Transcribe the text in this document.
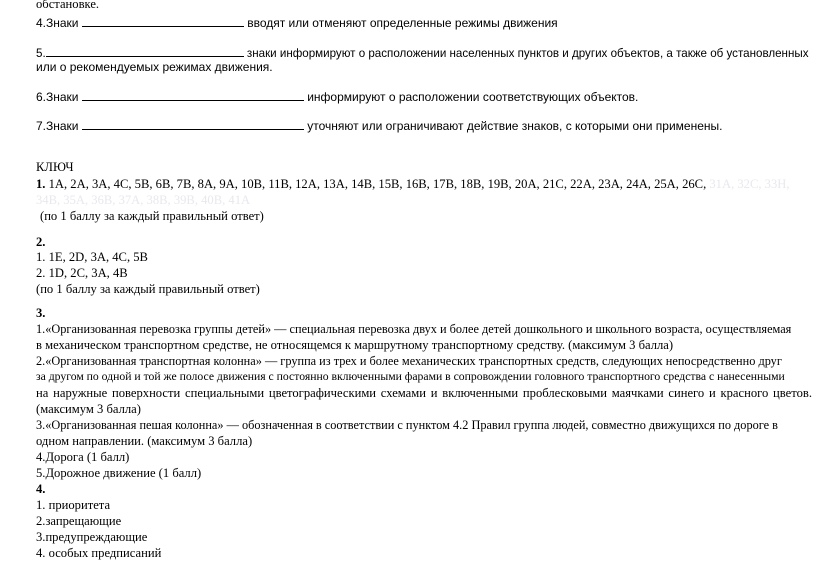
обстановке.
4.Знаки	вводят или отменяют определенные режимы движения
5.	знаки информируют о расположении населенных пунктов и других объектов, а также об установленных
или о рекомендуемых режимах движения.
6.Знаки	информируют о расположении соответствующих объектов.
7.Знаки	уточняют или ограничивают действие знаков, с которыми они применены.
КЛЮЧ
1. 1А, 2А, 3А, 4С, 5В, 6В, 7В, 8А, 9А, 10В, 11В, 12А, 13А, 14В, 15В, 16В, 17В, 18В, 19В, 20А, 21С, 22А, 23А, 24А, 25А, 26С, 31А, 32С, 33Н,
34В, 35А, 36В, 37А, 38В, 39В, 40В, 41А
(по 1 баллу за каждый правильный ответ)
2.
1. 1Е, 2D, 3А, 4С, 5В
2. 1D, 2С, 3А, 4В
(по 1 баллу за каждый правильный ответ)
3.
1.«Организованная перевозка группы детей» — специальная перевозка двух и более детей дошкольного и школьного возраста, осуществляемая
в механическом транспортном средстве, не относящемся к маршрутному транспортному средству. (максимум 3 балла)
2.«Организованная транспортная колонна» — группа из трех и более механических транспортных средств, следующих непосредственно друг
за другом по одной и той же полосе движения с постоянно включенными фарами в сопровождении головного транспортного средства с нанесенными
на наружные поверхности специальными цветографическими схемами и включенными проблесковыми маячками синего и красного цветов.
(максимум 3 балла)
3.«Организованная пешая колонна» — обозначенная в соответствии с пунктом 4.2 Правил группа людей, совместно движущихся по дороге в
одном направлении. (максимум 3 балла)
4.Дорога (1 балл)
5.Дорожное движение (1 балл)
4.
1. приоритета
2.запрещающие
3.предупреждающие
4. особых предписаний
